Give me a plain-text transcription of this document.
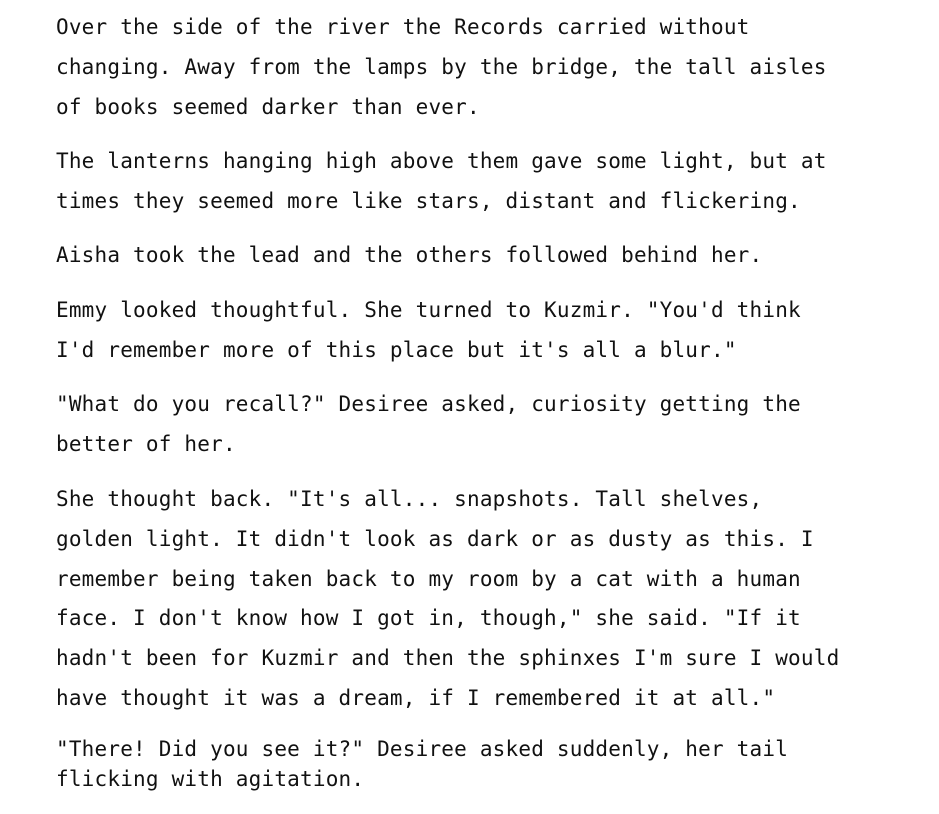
Over the side of the river the Records carried without
changing. Away from the lamps by the bridge, the tall aisles
of books seemed darker than ever.

The lanterns hanging high above them gave some light, but at
times they seemed more like stars, distant and flickering.

Aisha took the lead and the others followed behind her.

Emmy looked thoughtful. She turned to Kuzmir. "You'd think
I'd remember more of this place but it's all a blur."

"What do you recall?" Desiree asked, curiosity getting the
better of her.

She thought back. "It's all... snapshots. Tall shelves,
golden light. It didn't look as dark or as dusty as this. I
remember being taken back to my room by a cat with a human
face. I don't know how I got in, though," she said. "If it
hadn't been for Kuzmir and then the sphinxes I'm sure I would
have thought it was a dream, if I remembered it at all."

"There! Did you see it?" Desiree asked suddenly, her tail
flicking with agitation.
